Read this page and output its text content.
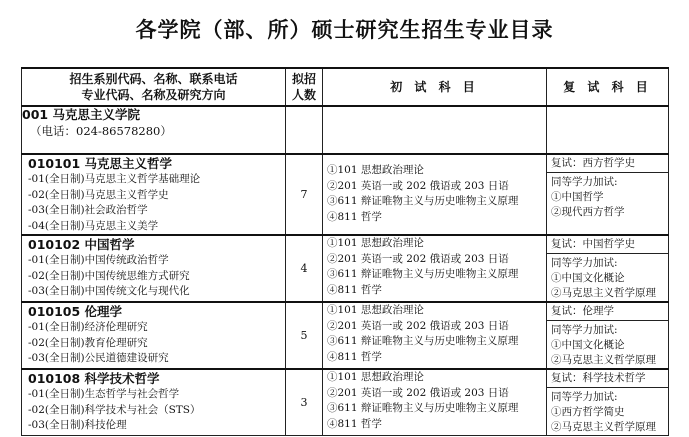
各学院（部、所）硕士研究生招生专业目录
招生系别代码、名称、联系电话
专业代码、名称及研究方向	拟招
人数	初 试 科 目	复 试 科 目

001 马克思主义学院
（电话：024-86578280）			

010101 马克思主义哲学
-01(全日制)马克思主义哲学基础理论
-02(全日制)马克思主义哲学史
-03(全日制)社会政治哲学
-04(全日制)马克思主义美学	7	①101 思想政治理论
②201 英语一或 202 俄语或 203 日语
③611 辩证唯物主义与历史唯物主义原理
④811 哲学	复试：西方哲学史
同等学力加试:
①中国哲学
②现代西方哲学

010102 中国哲学
-01(全日制)中国传统政治哲学
-02(全日制)中国传统思维方式研究
-03(全日制)中国传统文化与现代化	4	①101 思想政治理论
②201 英语一或 202 俄语或 203 日语
③611 辩证唯物主义与历史唯物主义原理
④811 哲学	复试：中国哲学史
同等学力加试:
①中国文化概论
②马克思主义哲学原理

010105 伦理学
-01(全日制)经济伦理研究
-02(全日制)教育伦理研究
-03(全日制)公民道德建设研究	5	①101 思想政治理论
②201 英语一或 202 俄语或 203 日语
③611 辩证唯物主义与历史唯物主义原理
④811 哲学	复试：伦理学
同等学力加试:
①中国文化概论
②马克思主义哲学原理

010108 科学技术哲学
-01(全日制)生态哲学与社会哲学
-02(全日制)科学技术与社会（STS）
-03(全日制)科技伦理	3	①101 思想政治理论
②201 英语一或 202 俄语或 203 日语
③611 辩证唯物主义与历史唯物主义原理
④811 哲学	复试：科学技术哲学
同等学力加试:
①西方哲学简史
②马克思主义哲学原理
